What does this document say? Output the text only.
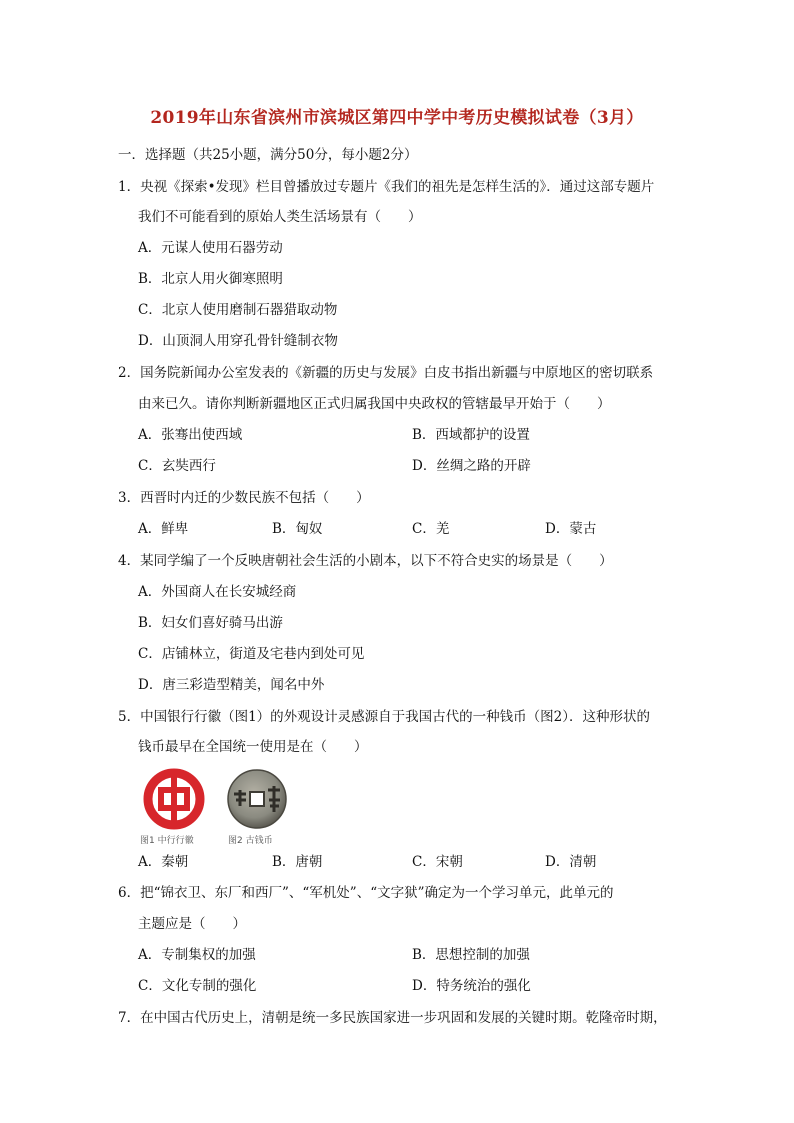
2019年山东省滨州市滨城区第四中学中考历史模拟试卷（3月）
一．选择题（共25小题，满分50分，每小题2分）
1．央视《探索•发现》栏目曾播放过专题片《我们的祖先是怎样生活的》．通过这部专题片
我们不可能看到的原始人类生活场景有（　　）
A．元谋人使用石器劳动
B．北京人用火御寒照明
C．北京人使用磨制石器猎取动物
D．山顶洞人用穿孔骨针缝制衣物
2．国务院新闻办公室发表的《新疆的历史与发展》白皮书指出新疆与中原地区的密切联系
由来已久。请你判断新疆地区正式归属我国中央政权的管辖最早开始于（　　）
A．张骞出使西域	B．西域都护的设置
C．玄奘西行	D．丝绸之路的开辟
3．西晋时内迁的少数民族不包括（　　）
A．鲜卑	B．匈奴	C．羌	D．蒙古
4．某同学编了一个反映唐朝社会生活的小剧本，以下不符合史实的场景是（　　）
A．外国商人在长安城经商
B．妇女们喜好骑马出游
C．店铺林立，街道及宅巷内到处可见
D．唐三彩造型精美，闻名中外
5．中国银行行徽（图1）的外观设计灵感源自于我国古代的一种钱币（图2）．这种形状的
钱币最早在全国统一使用是在（　　）
图1 中行行徽	图2 古钱币
A．秦朝	B．唐朝	C．宋朝	D．清朝
6．把“锦衣卫、东厂和西厂”、“军机处”、“文字狱”确定为一个学习单元，此单元的
主题应是（　　）
A．专制集权的加强	B．思想控制的加强
C．文化专制的强化	D．特务统治的强化
7．在中国古代历史上，清朝是统一多民族国家进一步巩固和发展的关键时期。乾隆帝时期，
